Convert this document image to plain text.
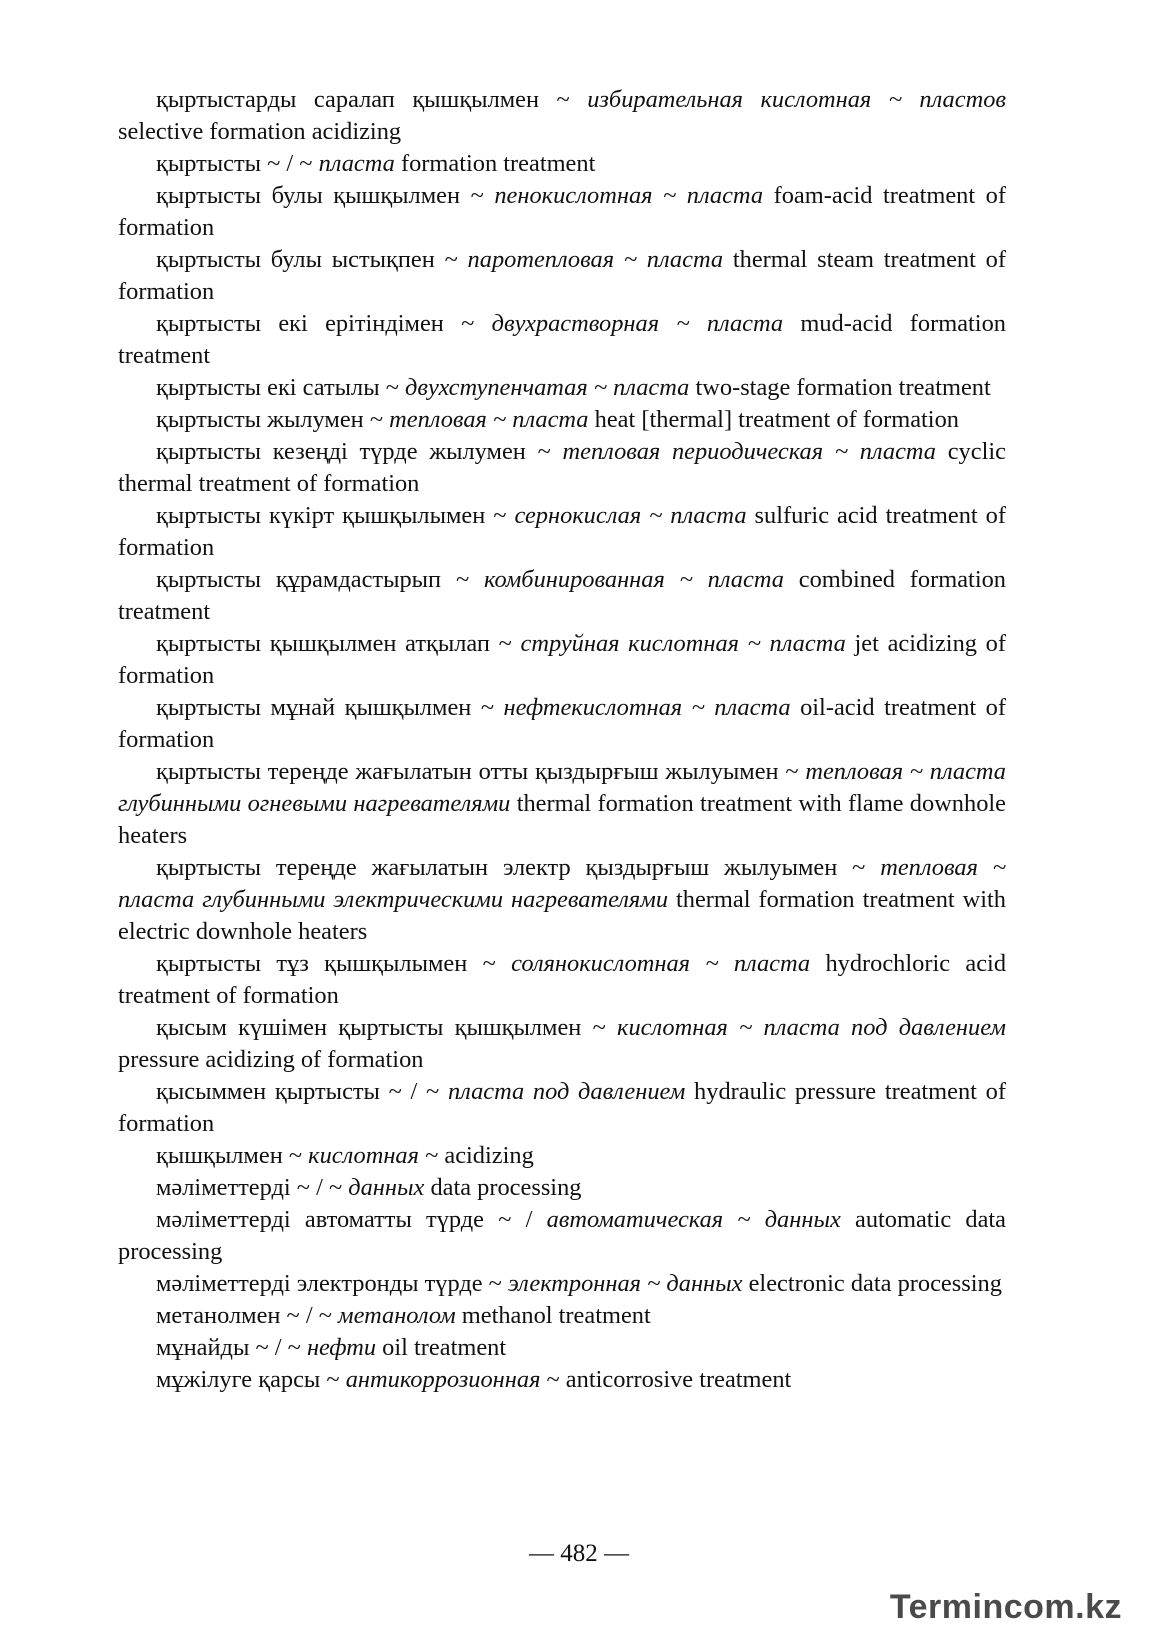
қыртыстарды саралап қышқылмен ~ избирательная кислотная ~ пластов selective formation acidizing

қыртысты ~ / ~ пласта formation treatment

қыртысты булы қышқылмен ~ пенокислотная ~ пласта foam-acid treatment of formation

қыртысты булы ыстықпен ~ паротепловая ~ пласта thermal steam treatment of formation

қыртысты екі ерітіндімен ~ двухрастворная ~ пласта mud-acid formation treatment

қыртысты екі сатылы ~ двухступенчатая ~ пласта two-stage formation treatment

қыртысты жылумен ~ тепловая ~ пласта heat [thermal] treatment of formation

қыртысты кезеңді түрде жылумен ~ тепловая периодическая ~ пласта cyclic thermal treatment of formation

қыртысты күкірт қышқылымен ~ сернокислая ~ пласта sulfuric acid treatment of formation

қыртысты құрамдастырып ~ комбинированная ~ пласта combined formation treatment

қыртысты қышқылмен атқылап ~ струйная кислотная ~ пласта jet acidizing of formation

қыртысты мұнай қышқылмен ~ нефтекислотная ~ пласта oil-acid treatment of formation

қыртысты тереңде жағылатын отты қыздырғыш жылуымен ~ тепловая ~ пласта глубинными огневыми нагревателями thermal formation treatment with flame downhole heaters

қыртысты тереңде жағылатын электр қыздырғыш жылуымен ~ тепловая ~ пласта глубинными электрическими нагревателями thermal formation treatment with electric downhole heaters

қыртысты тұз қышқылымен ~ солянокислотная ~ пласта hydrochloric acid treatment of formation

қысым күшімен қыртысты қышқылмен ~ кислотная ~ пласта под давлением pressure acidizing of formation

қысыммен қыртысты ~ / ~ пласта под давлением hydraulic pressure treatment of formation

қышқылмен ~ кислотная ~ acidizing

мәліметтерді ~ / ~ данных data processing

мәліметтерді автоматты түрде ~ / автоматическая ~ данных automatic data processing

мәліметтерді электронды түрде ~ электронная ~ данных electronic data processing

метанолмен ~ / ~ метанолом methanol treatment

мұнайды ~ / ~ нефти oil treatment

мұжілуге қарсы ~ антикоррозионная ~ anticorrosive treatment

— 482 —
Termincom.kz
